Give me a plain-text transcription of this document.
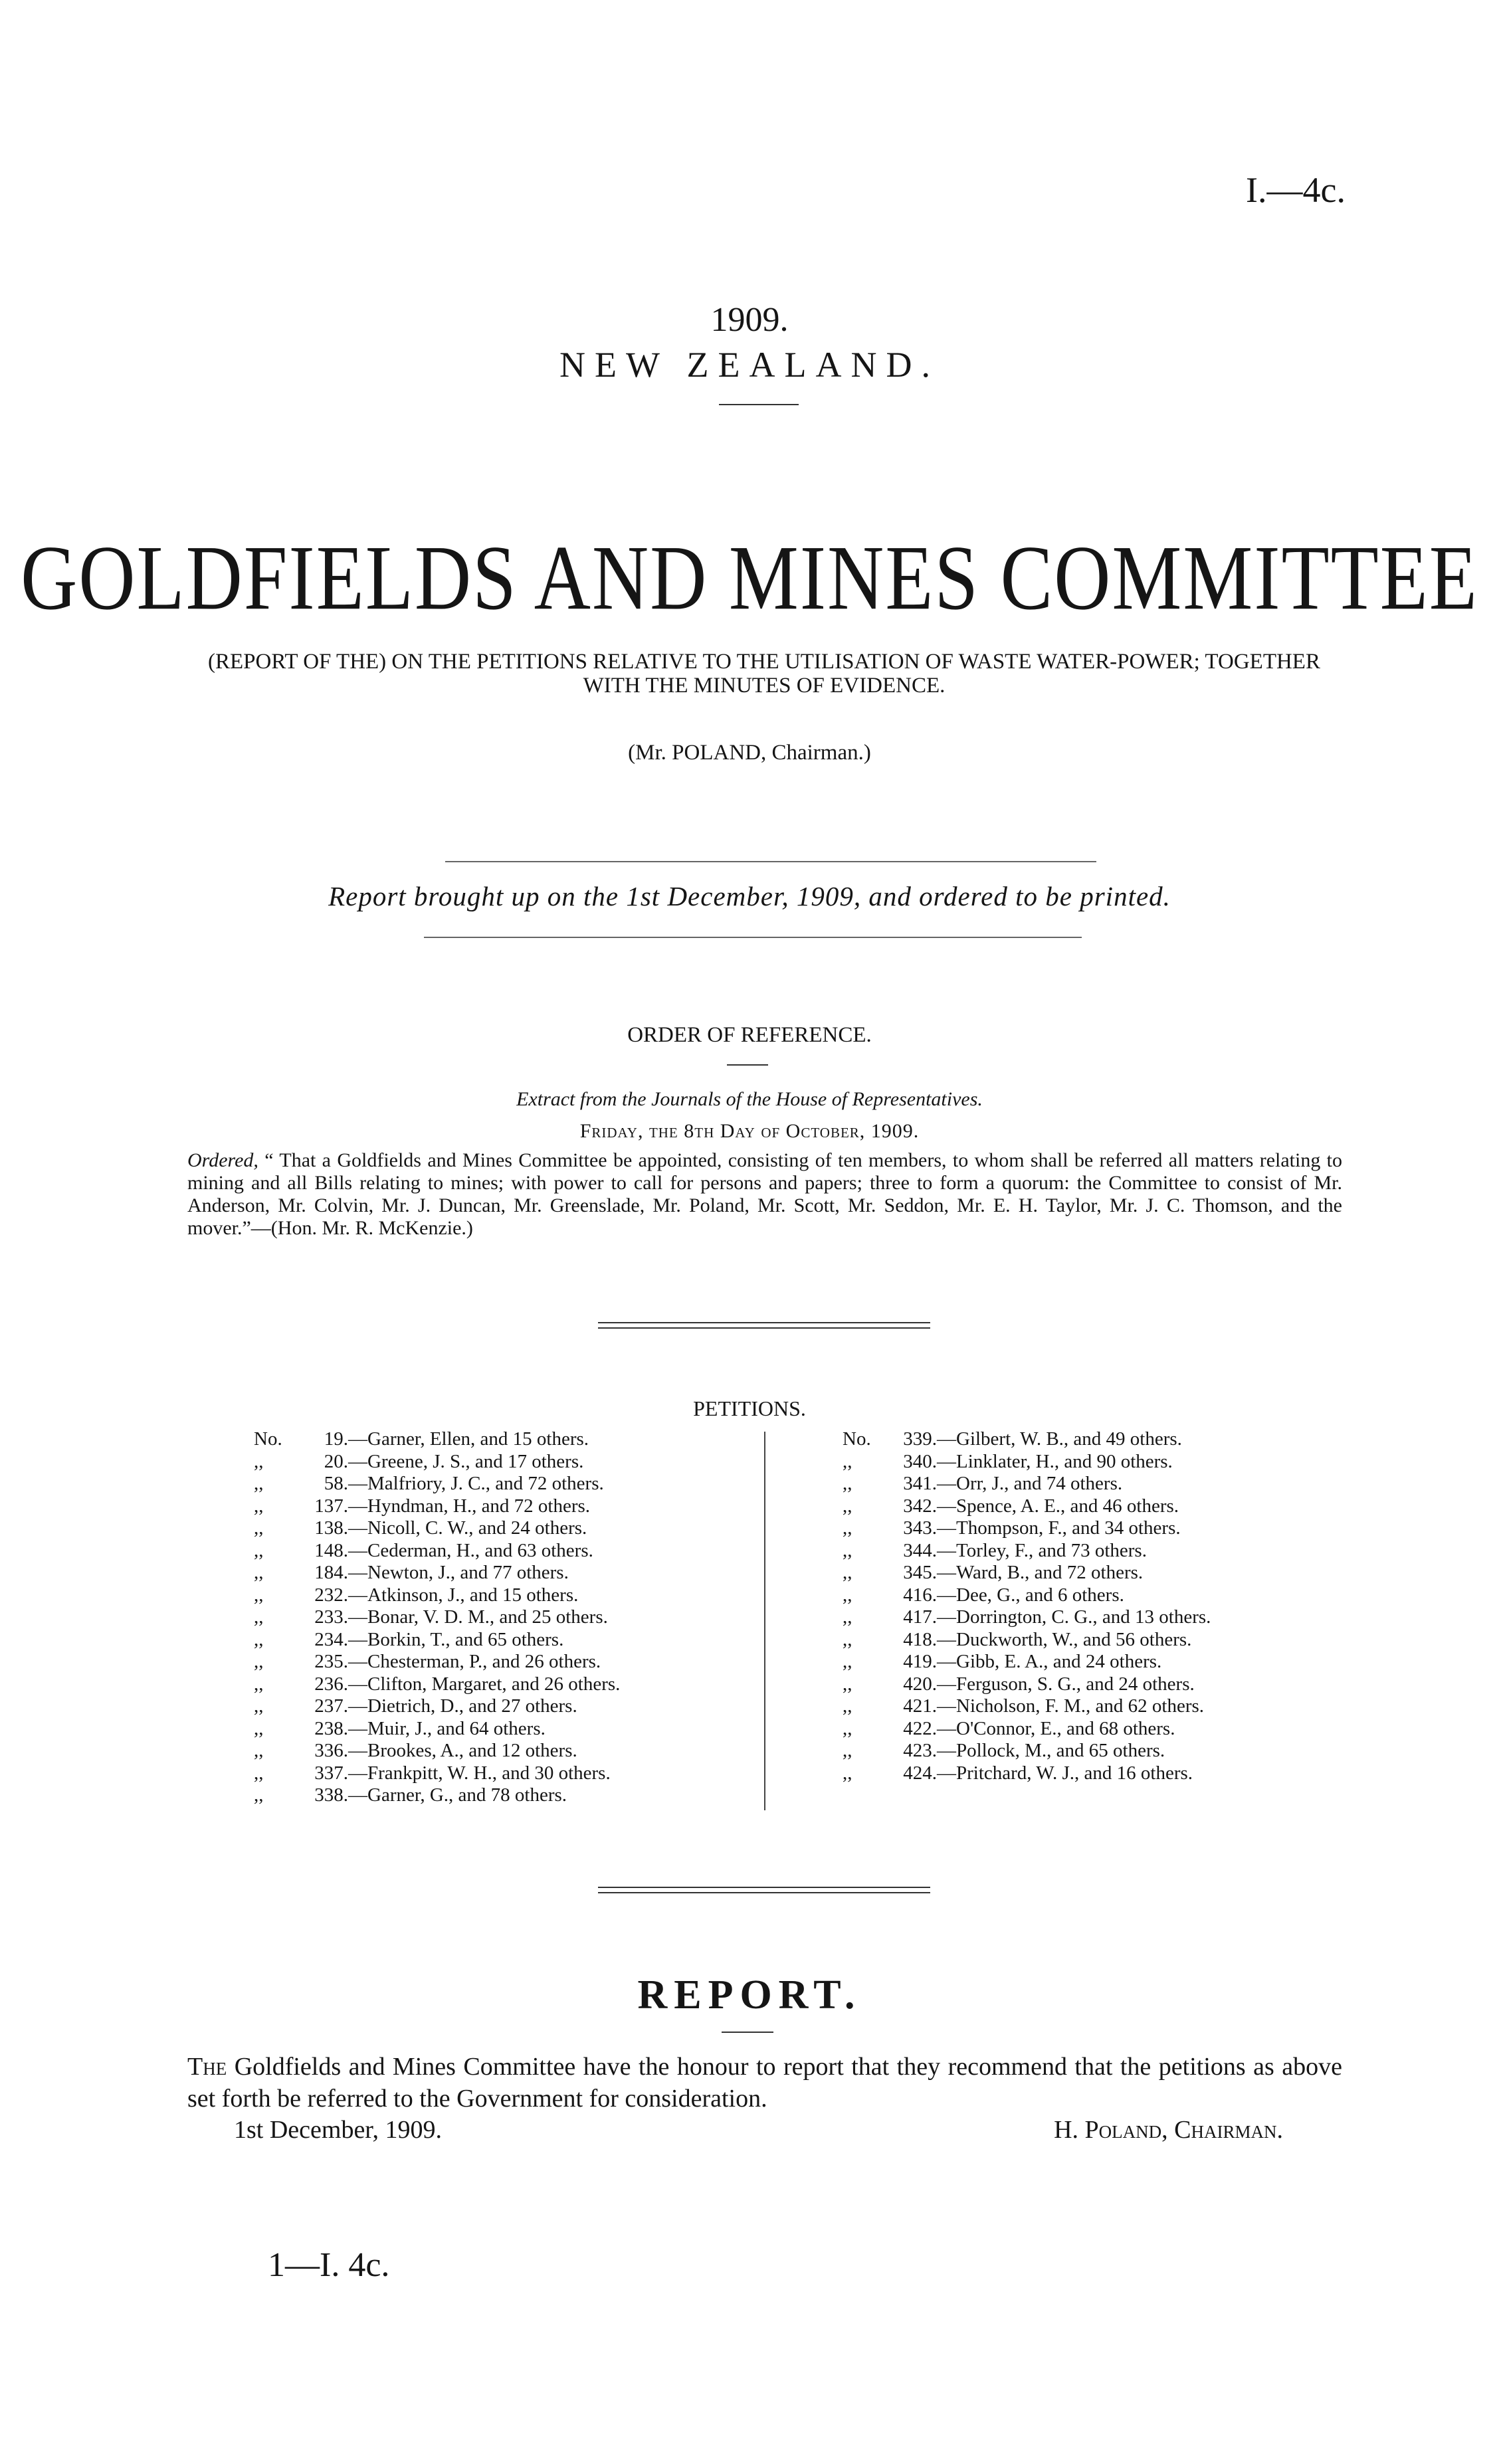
I.—4c.
1909.
NEW ZEALAND.
GOLDFIELDS AND MINES COMMITTEE
(REPORT OF THE) ON THE PETITIONS RELATIVE TO THE UTILISATION OF WASTE WATER-POWER; TOGETHER WITH THE MINUTES OF EVIDENCE.
(Mr. POLAND, Chairman.)
Report brought up on the 1st December, 1909, and ordered to be printed.
ORDER OF REFERENCE.
Extract from the Journals of the House of Representatives.
Friday, the 8th Day of October, 1909.
Ordered, “ That a Goldfields and Mines Committee be appointed, consisting of ten members, to whom shall be referred all matters relating to mining and all Bills relating to mines; with power to call for persons and papers; three to form a quorum: the Committee to consist of Mr. Anderson, Mr. Colvin, Mr. J. Duncan, Mr. Greenslade, Mr. Poland, Mr. Scott, Mr. Seddon, Mr. E. H. Taylor, Mr. J. C. Thomson, and the mover.”—(Hon. Mr. R. McKenzie.)
PETITIONS.
No. 19.—Garner, Ellen, and 15 others.
,,	20.—Greene, J. S., and 17 others.
,,	58.—Malfriory, J. C., and 72 others.
,,	137.—Hyndman, H., and 72 others.
,,	138.—Nicoll, C. W., and 24 others.
,,	148.—Cederman, H., and 63 others.
,,	184.—Newton, J., and 77 others.
,,	232.—Atkinson, J., and 15 others.
,,	233.—Bonar, V. D. M., and 25 others.
,,	234.—Borkin, T., and 65 others.
,,	235.—Chesterman, P., and 26 others.
,,	236.—Clifton, Margaret, and 26 others.
,,	237.—Dietrich, D., and 27 others.
,,	238.—Muir, J., and 64 others.
,,	336.—Brookes, A., and 12 others.
,,	337.—Frankpitt, W. H., and 30 others.
,,	338.—Garner, G., and 78 others.
No. 339.—Gilbert, W. B., and 49 others.
,,	340.—Linklater, H., and 90 others.
,,	341.—Orr, J., and 74 others.
,,	342.—Spence, A. E., and 46 others.
,,	343.—Thompson, F., and 34 others.
,,	344.—Torley, F., and 73 others.
,,	345.—Ward, B., and 72 others.
,,	416.—Dee, G., and 6 others.
,,	417.—Dorrington, C. G., and 13 others.
,,	418.—Duckworth, W., and 56 others.
,,	419.—Gibb, E. A., and 24 others.
,,	420.—Ferguson, S. G., and 24 others.
,,	421.—Nicholson, F. M., and 62 others.
,,	422.—O'Connor, E., and 68 others.
,,	423.—Pollock, M., and 65 others.
,,	424.—Pritchard, W. J., and 16 others.
REPORT.
The Goldfields and Mines Committee have the honour to report that they recommend that the petitions as above set forth be referred to the Government for consideration.
1st December, 1909.	H. Poland, Chairman.
1—I. 4c.
